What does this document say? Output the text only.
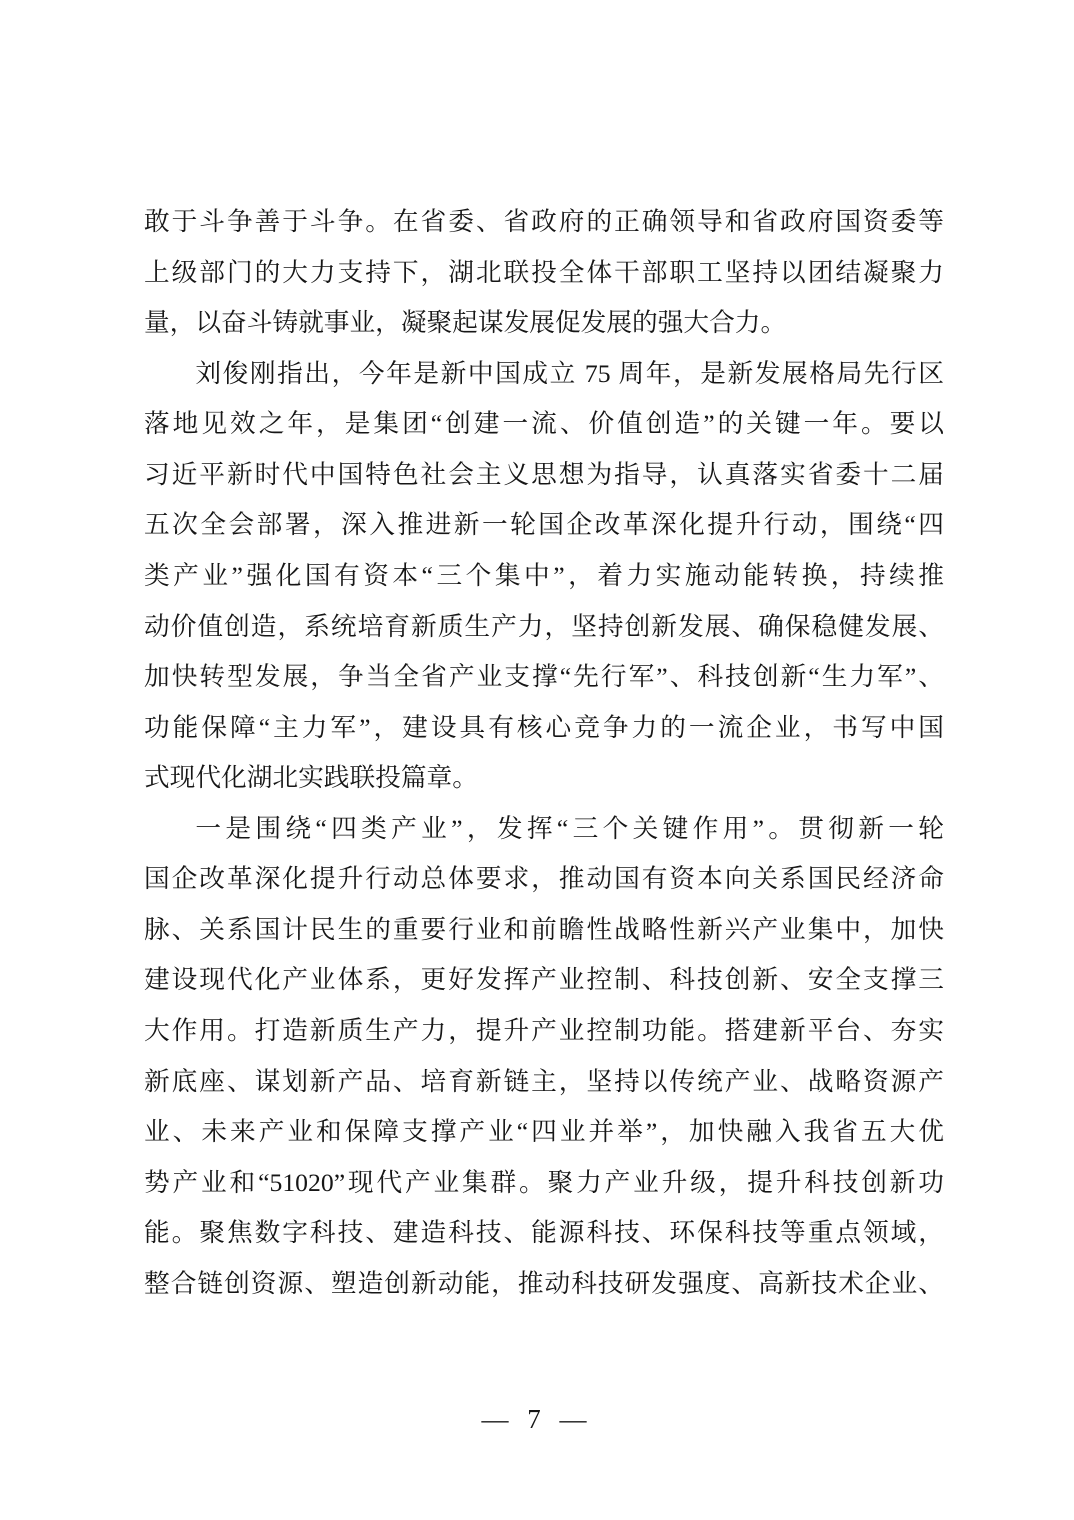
敢于斗争善于斗争。在省委、省政府的正确领导和省政府国资委等
上级部门的大力支持下，湖北联投全体干部职工坚持以团结凝聚力
量，以奋斗铸就事业，凝聚起谋发展促发展的强大合力。
刘俊刚指出，今年是新中国成立 75 周年，是新发展格局先行区
落地见效之年，是集团“创建一流、价值创造”的关键一年。要以
习近平新时代中国特色社会主义思想为指导，认真落实省委十二届
五次全会部署，深入推进新一轮国企改革深化提升行动，围绕“四
类产业”强化国有资本“三个集中”，着力实施动能转换，持续推
动价值创造，系统培育新质生产力，坚持创新发展、确保稳健发展、
加快转型发展，争当全省产业支撑“先行军”、科技创新“生力军”、
功能保障“主力军”，建设具有核心竞争力的一流企业，书写中国
式现代化湖北实践联投篇章。
一是围绕“四类产业”，发挥“三个关键作用”。贯彻新一轮
国企改革深化提升行动总体要求，推动国有资本向关系国民经济命
脉、关系国计民生的重要行业和前瞻性战略性新兴产业集中，加快
建设现代化产业体系，更好发挥产业控制、科技创新、安全支撑三
大作用。打造新质生产力，提升产业控制功能。搭建新平台、夯实
新底座、谋划新产品、培育新链主，坚持以传统产业、战略资源产
业、未来产业和保障支撑产业“四业并举”，加快融入我省五大优
势产业和“51020”现代产业集群。聚力产业升级，提升科技创新功
能。聚焦数字科技、建造科技、能源科技、环保科技等重点领域，
整合链创资源、塑造创新动能，推动科技研发强度、高新技术企业、
— 7 —
